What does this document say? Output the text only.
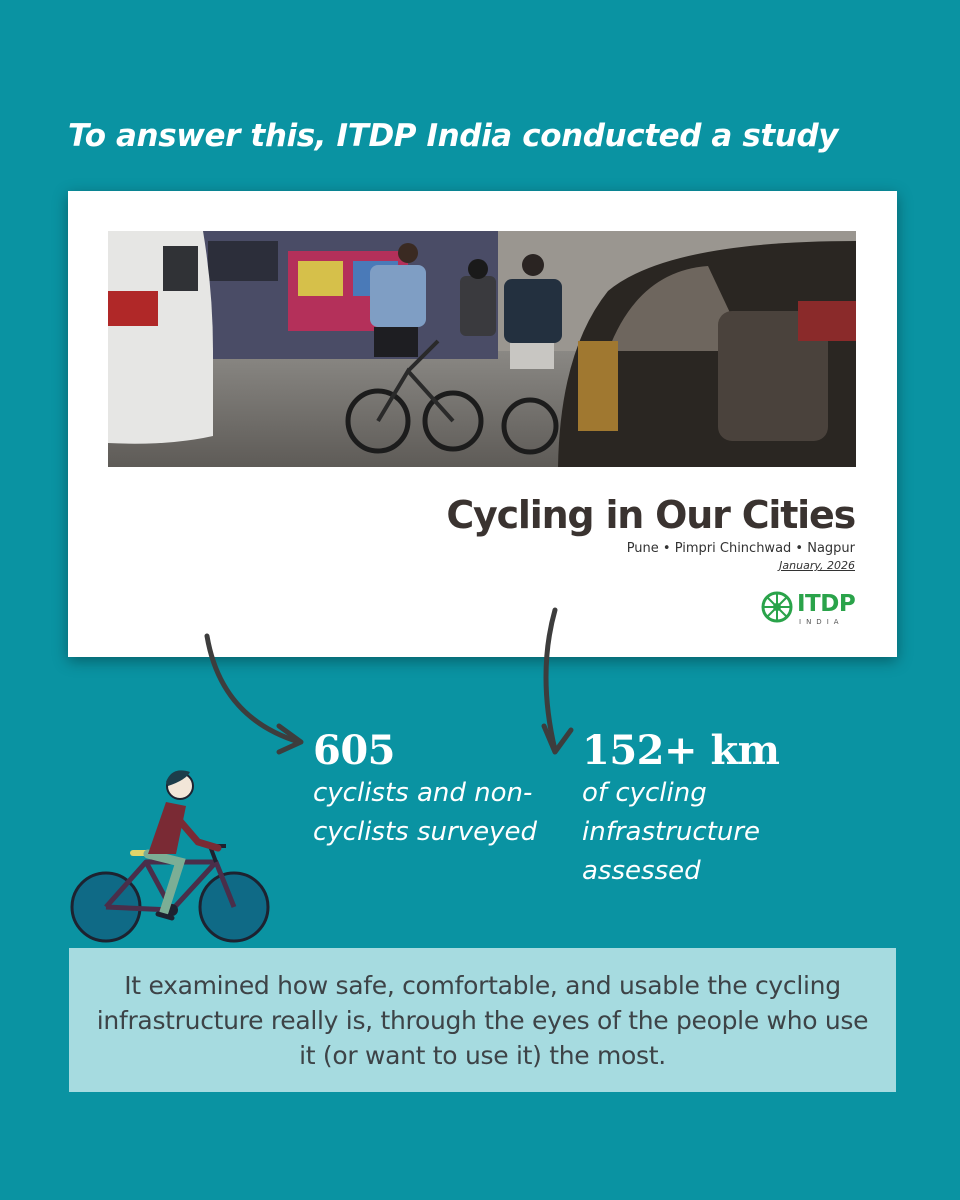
To answer this, ITDP India conducted a study
Cycling in Our Cities
Pune • Pimpri Chinchwad • Nagpur
January, 2026
ITDP
INDIA
605
cyclists and non-cyclists surveyed
152+ km
of cycling infrastructure assessed

It examined how safe, comfortable, and usable the cycling infrastructure really is, through the eyes of the people who use it (or want to use it) the most.
